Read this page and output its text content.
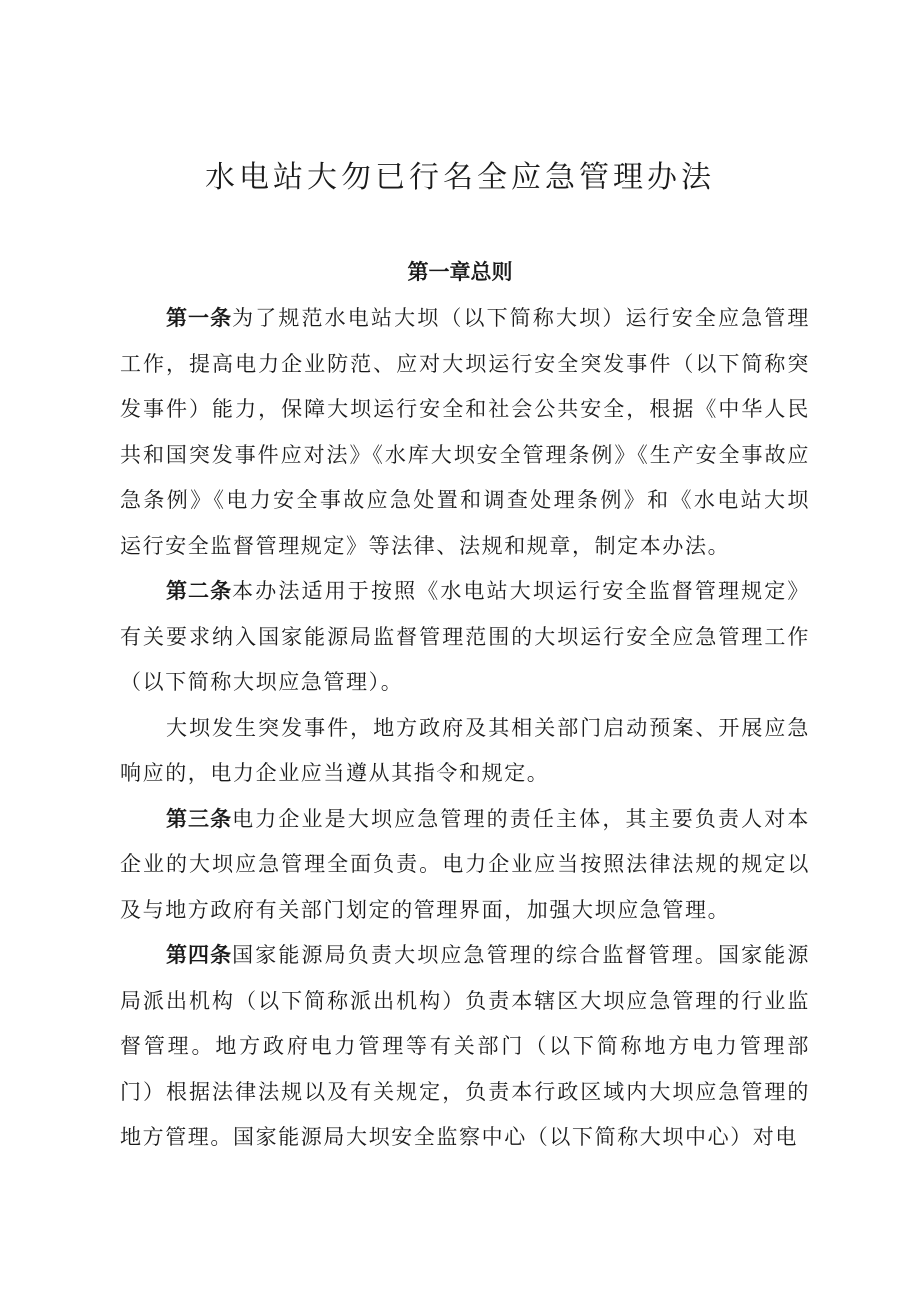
水电站大勿已行名全应急管理办法
第一章总则

第一条为了规范水电站大坝（以下简称大坝）运行安全应急管理工作，提高电力企业防范、应对大坝运行安全突发事件（以下简称突发事件）能力，保障大坝运行安全和社会公共安全，根据《中华人民共和国突发事件应对法》《水库大坝安全管理条例》《生产安全事故应急条例》《电力安全事故应急处置和调查处理条例》和《水电站大坝运行安全监督管理规定》等法律、法规和规章，制定本办法。

第二条本办法适用于按照《水电站大坝运行安全监督管理规定》有关要求纳入国家能源局监督管理范围的大坝运行安全应急管理工作（以下简称大坝应急管理）。

大坝发生突发事件，地方政府及其相关部门启动预案、开展应急响应的，电力企业应当遵从其指令和规定。

第三条电力企业是大坝应急管理的责任主体，其主要负责人对本企业的大坝应急管理全面负责。电力企业应当按照法律法规的规定以及与地方政府有关部门划定的管理界面，加强大坝应急管理。

第四条国家能源局负责大坝应急管理的综合监督管理。国家能源局派出机构（以下简称派出机构）负责本辖区大坝应急管理的行业监督管理。地方政府电力管理等有关部门（以下简称地方电力管理部门）根据法律法规以及有关规定，负责本行政区域内大坝应急管理的地方管理。国家能源局大坝安全监察中心（以下简称大坝中心）对电
